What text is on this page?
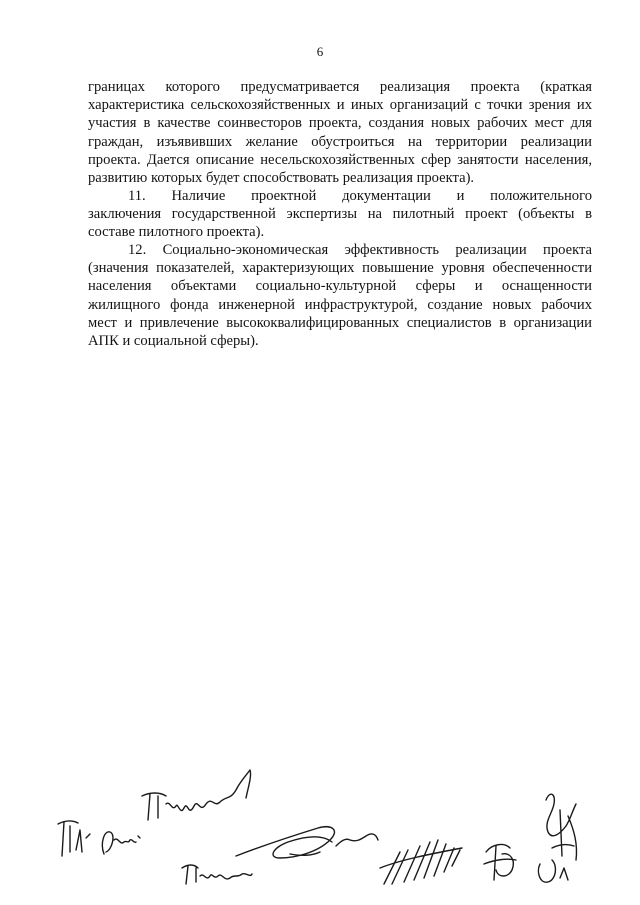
6
границах которого предусматривается реализация проекта (краткая
характеристика сельскохозяйственных и иных организаций с точки зрения их
участия в качестве соинвесторов проекта, создания новых рабочих мест для
граждан, изъявивших желание обустроиться на территории реализации
проекта. Дается описание несельскохозяйственных сфер занятости населения,
развитию которых будет способствовать реализация проекта).
11. Наличие проектной документации и положительного
заключения государственной экспертизы на пилотный проект (объекты в
составе пилотного проекта).
12. Социально-экономическая эффективность реализации проекта
(значения показателей, характеризующих повышение уровня обеспеченности
населения объектами социально-культурной сферы и оснащенности
жилищного фонда инженерной инфраструктурой, создание новых рабочих
мест и привлечение высококвалифицированных специалистов в организации
АПК и социальной сферы).
